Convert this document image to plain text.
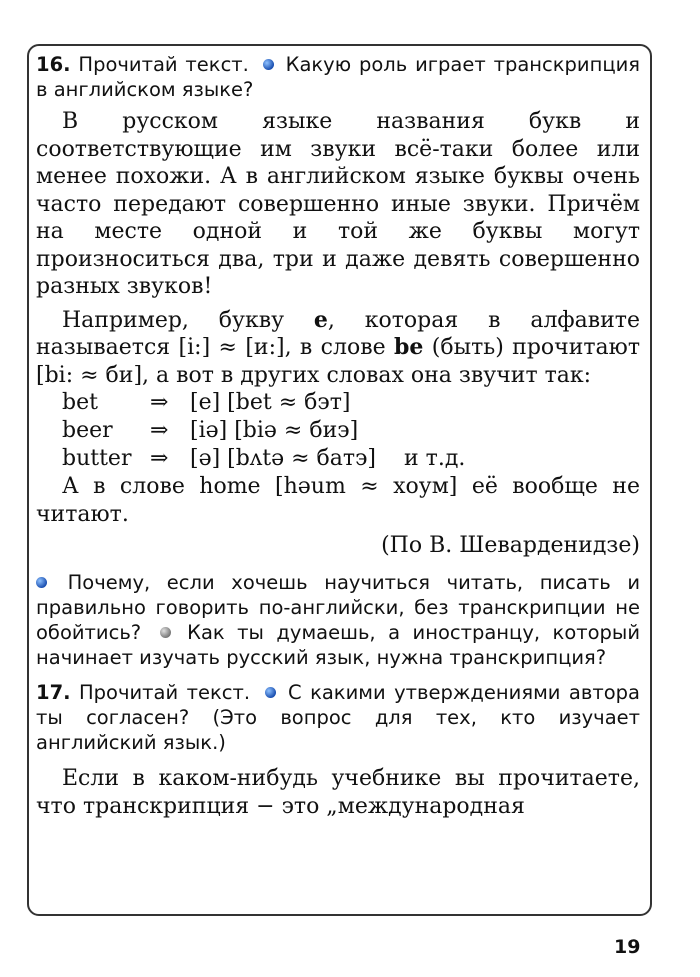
16. Прочитай текст. Какую роль играет транскрипция в английском языке?

В русском языке названия букв и соответствующие им звуки всё-таки более или менее похожи. А в английском языке буквы очень часто передают совершенно иные звуки. Причём на месте одной и той же буквы могут произноситься два, три и даже девять совершенно разных звуков!

Например, букву е, которая в алфавите называется [i:] ≈ [и:], в слове be (быть) прочитают [bi: ≈ би], а вот в других словах она звучит так:

bet	⇒	[e] [bet ≈ бэт]	
beer	⇒	[iə] [biə ≈ биэ]	
butter	⇒	[ə] [bʌtə ≈ батэ]	и т.д.

А в слове home [həum ≈ хоум] её вообще не читают.

(По В. Шеварденидзе)

Почему, если хочешь научиться читать, писать и правильно говорить по-английски, без транскрипции не обойтись? Как ты думаешь, а иностранцу, который начинает изучать русский язык, нужна транскрипция?

17. Прочитай текст. С какими утверждениями автора ты согласен? (Это вопрос для тех, кто изучает английский язык.)

Если в каком-нибудь учебнике вы прочитаете, что транскрипция − это „международная

19
